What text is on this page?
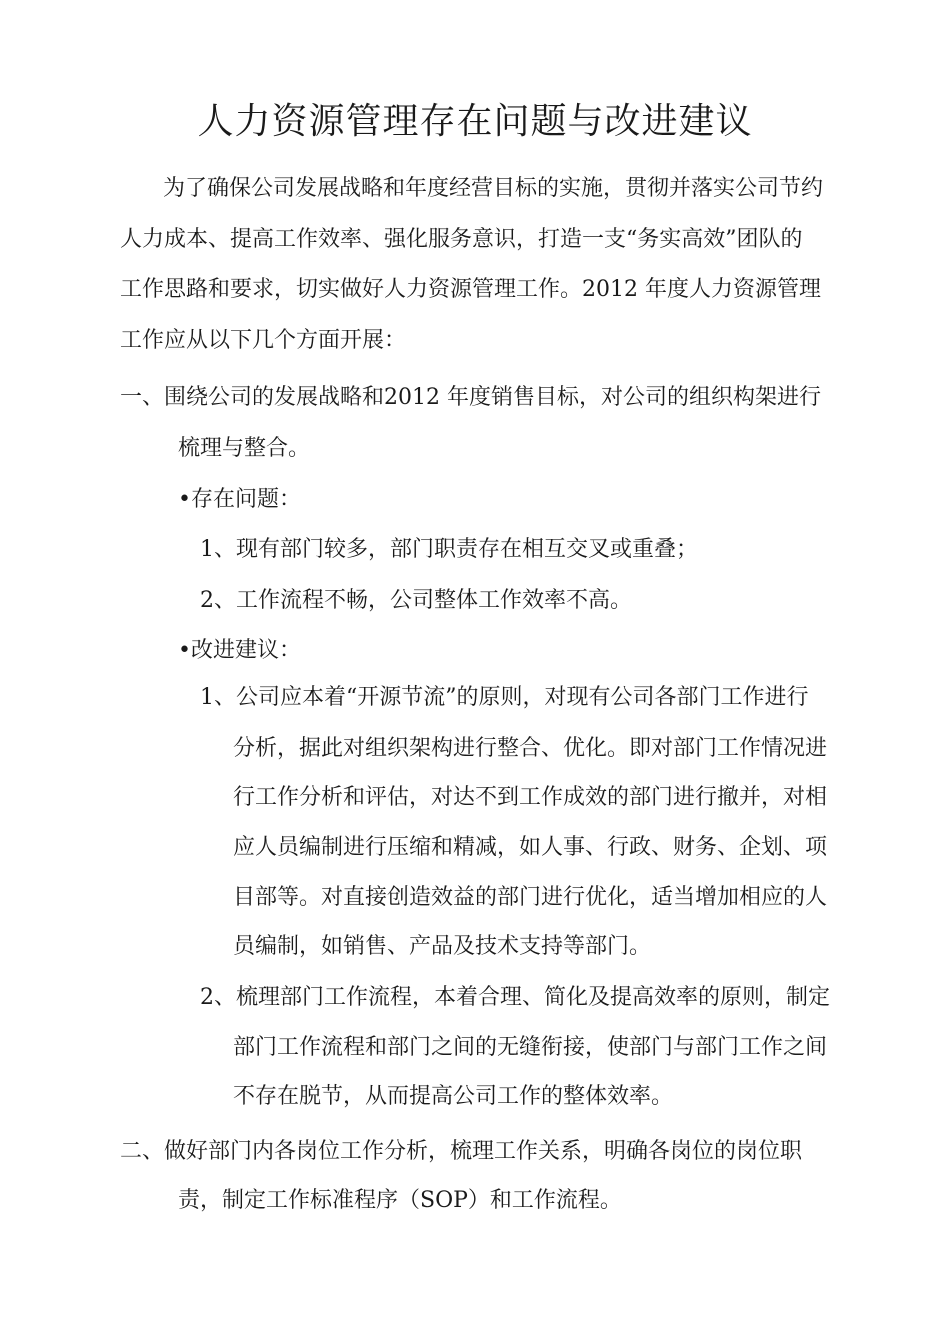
人力资源管理存在问题与改进建议
为了确保公司发展战略和年度经营目标的实施，贯彻并落实公司节约
人力成本、提高工作效率、强化服务意识，打造一支“务实高效”团队的
工作思路和要求，切实做好人力资源管理工作。2012 年度人力资源管理
工作应从以下几个方面开展：
一、围绕公司的发展战略和2012 年度销售目标，对公司的组织构架进行
梳理与整合。
•存在问题：
1、现有部门较多，部门职责存在相互交叉或重叠；
2、工作流程不畅，公司整体工作效率不高。
•改进建议：
1、公司应本着“开源节流”的原则，对现有公司各部门工作进行
分析，据此对组织架构进行整合、优化。即对部门工作情况进
行工作分析和评估，对达不到工作成效的部门进行撤并，对相
应人员编制进行压缩和精减，如人事、行政、财务、企划、项
目部等。对直接创造效益的部门进行优化，适当增加相应的人
员编制，如销售、产品及技术支持等部门。
2、梳理部门工作流程，本着合理、简化及提高效率的原则，制定
部门工作流程和部门之间的无缝衔接，使部门与部门工作之间
不存在脱节，从而提高公司工作的整体效率。
二、做好部门内各岗位工作分析，梳理工作关系，明确各岗位的岗位职
责，制定工作标准程序（SOP）和工作流程。
